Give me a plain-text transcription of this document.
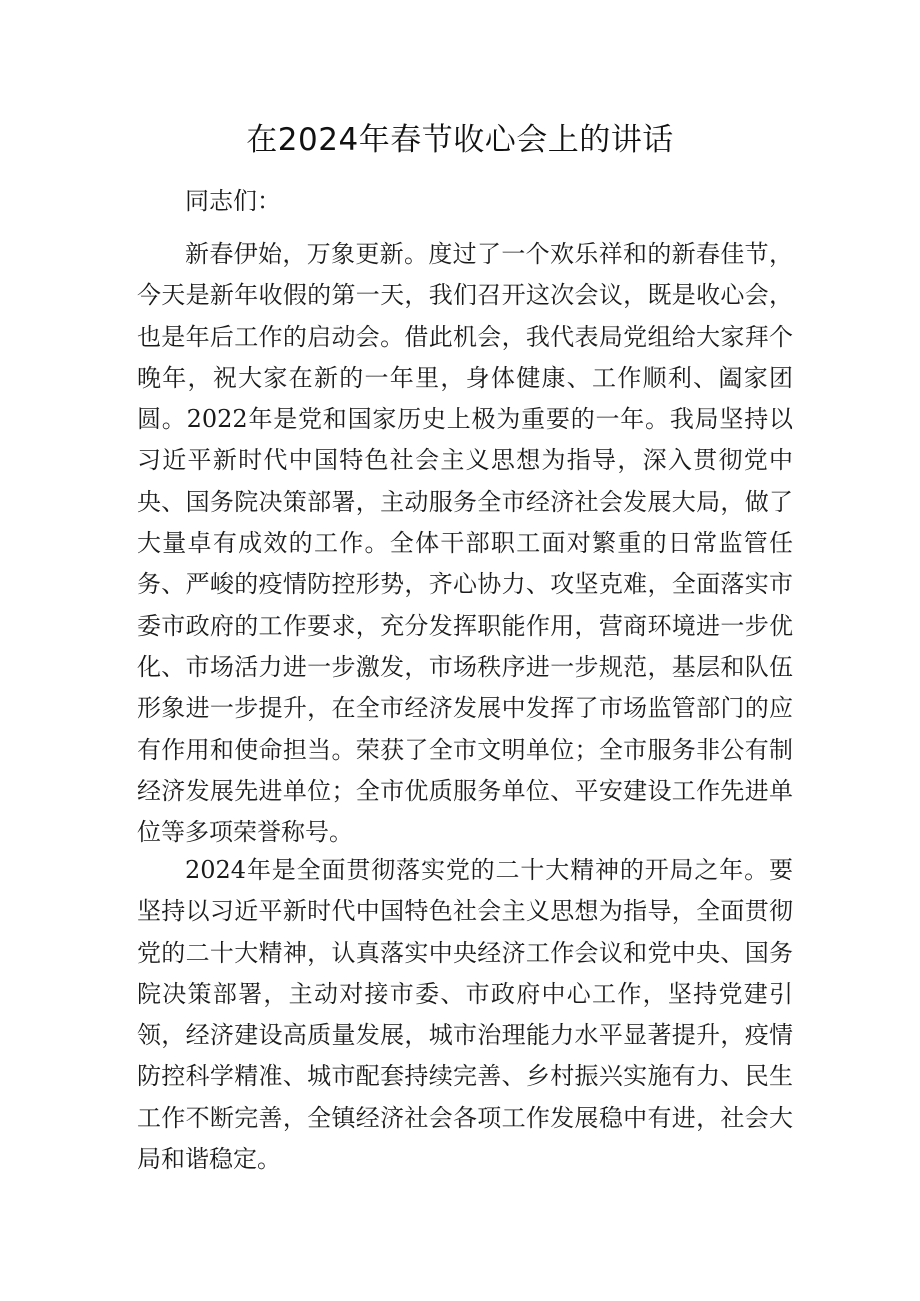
在2024年春节收心会上的讲话

同志们：

新春伊始，万象更新。度过了一个欢乐祥和的新春佳节，今天是新年收假的第一天，我们召开这次会议，既是收心会，也是年后工作的启动会。借此机会，我代表局党组给大家拜个晚年，祝大家在新的一年里，身体健康、工作顺利、阖家团圆。2022年是党和国家历史上极为重要的一年。我局坚持以习近平新时代中国特色社会主义思想为指导，深入贯彻党中央、国务院决策部署，主动服务全市经济社会发展大局，做了大量卓有成效的工作。全体干部职工面对繁重的日常监管任务、严峻的疫情防控形势，齐心协力、攻坚克难，全面落实市委市政府的工作要求，充分发挥职能作用，营商环境进一步优化、市场活力进一步激发，市场秩序进一步规范，基层和队伍形象进一步提升，在全市经济发展中发挥了市场监管部门的应有作用和使命担当。荣获了全市文明单位；全市服务非公有制经济发展先进单位；全市优质服务单位、平安建设工作先进单位等多项荣誉称号。

2024年是全面贯彻落实党的二十大精神的开局之年。要坚持以习近平新时代中国特色社会主义思想为指导，全面贯彻党的二十大精神，认真落实中央经济工作会议和党中央、国务院决策部署，主动对接市委、市政府中心工作，坚持党建引领，经济建设高质量发展，城市治理能力水平显著提升，疫情防控科学精准、城市配套持续完善、乡村振兴实施有力、民生工作不断完善，全镇经济社会各项工作发展稳中有进，社会大局和谐稳定。
